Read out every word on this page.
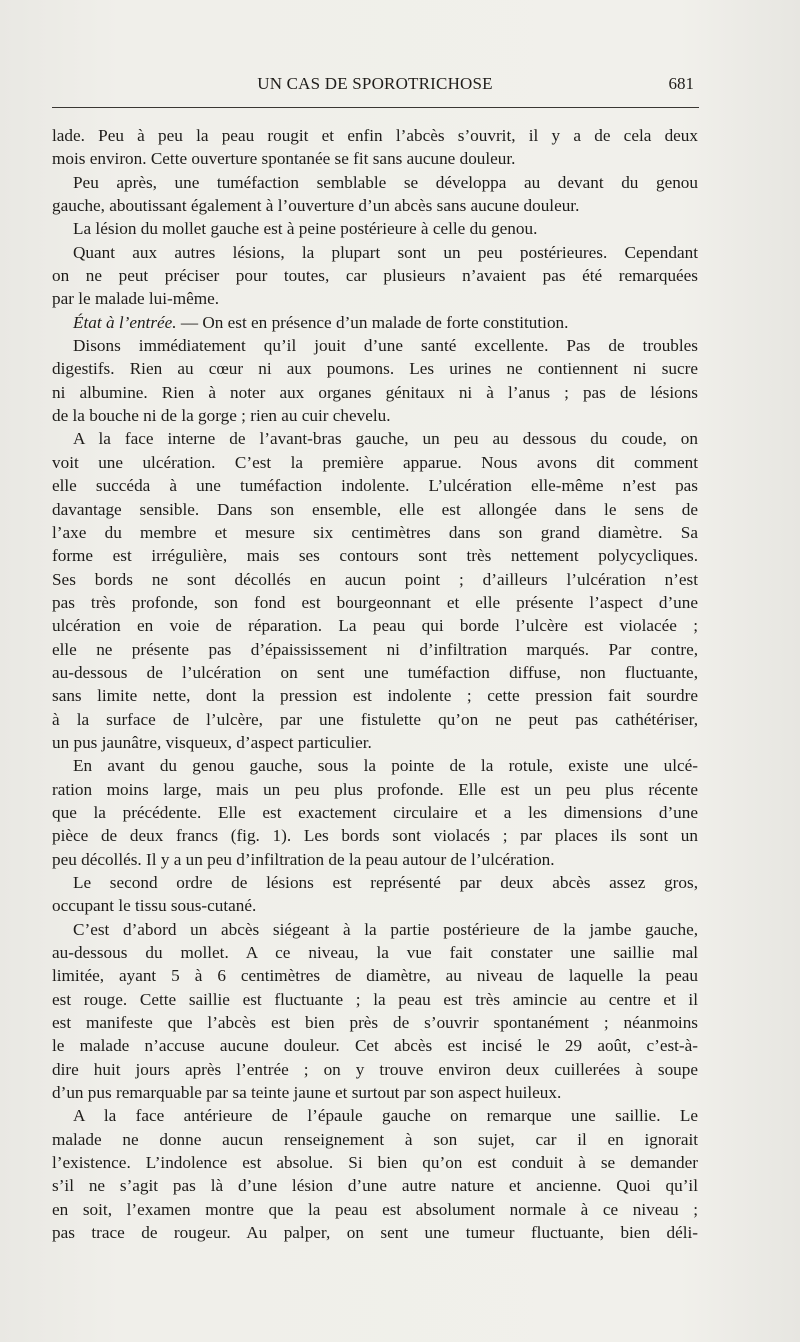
UN CAS DE SPOROTRICHOSE	681
lade. Peu à peu la peau rougit et enfin l’abcès s’ouvrit, il y a de cela deux
mois environ. Cette ouverture spontanée se fit sans aucune douleur.
Peu après, une tuméfaction semblable se développa au devant du genou
gauche, aboutissant également à l’ouverture d’un abcès sans aucune douleur.
La lésion du mollet gauche est à peine postérieure à celle du genou.
Quant aux autres lésions, la plupart sont un peu postérieures. Cependant
on ne peut préciser pour toutes, car plusieurs n’avaient pas été remarquées
par le malade lui-même.
État à l’entrée. — On est en présence d’un malade de forte constitution.
Disons immédiatement qu’il jouit d’une santé excellente. Pas de troubles
digestifs. Rien au cœur ni aux poumons. Les urines ne contiennent ni sucre
ni albumine. Rien à noter aux organes génitaux ni à l’anus ; pas de lésions
de la bouche ni de la gorge ; rien au cuir chevelu.
A la face interne de l’avant-bras gauche, un peu au dessous du coude, on
voit une ulcération. C’est la première apparue. Nous avons dit comment
elle succéda à une tuméfaction indolente. L’ulcération elle-même n’est pas
davantage sensible. Dans son ensemble, elle est allongée dans le sens de
l’axe du membre et mesure six centimètres dans son grand diamètre. Sa
forme est irrégulière, mais ses contours sont très nettement polycycliques.
Ses bords ne sont décollés en aucun point ; d’ailleurs l’ulcération n’est
pas très profonde, son fond est bourgeonnant et elle présente l’aspect d’une
ulcération en voie de réparation. La peau qui borde l’ulcère est violacée ;
elle ne présente pas d’épaississement ni d’infiltration marqués. Par contre,
au-dessous de l’ulcération on sent une tuméfaction diffuse, non fluctuante,
sans limite nette, dont la pression est indolente ; cette pression fait sourdre
à la surface de l’ulcère, par une fistulette qu’on ne peut pas cathétériser,
un pus jaunâtre, visqueux, d’aspect particulier.
En avant du genou gauche, sous la pointe de la rotule, existe une ulcé-
ration moins large, mais un peu plus profonde. Elle est un peu plus récente
que la précédente. Elle est exactement circulaire et a les dimensions d’une
pièce de deux francs (fig. 1). Les bords sont violacés ; par places ils sont un
peu décollés. Il y a un peu d’infiltration de la peau autour de l’ulcération.
Le second ordre de lésions est représenté par deux abcès assez gros,
occupant le tissu sous-cutané.
C’est d’abord un abcès siégeant à la partie postérieure de la jambe gauche,
au-dessous du mollet. A ce niveau, la vue fait constater une saillie mal
limitée, ayant 5 à 6 centimètres de diamètre, au niveau de laquelle la peau
est rouge. Cette saillie est fluctuante ; la peau est très amincie au centre et il
est manifeste que l’abcès est bien près de s’ouvrir spontanément ; néanmoins
le malade n’accuse aucune douleur. Cet abcès est incisé le 29 août, c’est-à-
dire huit jours après l’entrée ; on y trouve environ deux cuillerées à soupe
d’un pus remarquable par sa teinte jaune et surtout par son aspect huileux.
A la face antérieure de l’épaule gauche on remarque une saillie. Le
malade ne donne aucun renseignement à son sujet, car il en ignorait
l’existence. L’indolence est absolue. Si bien qu’on est conduit à se demander
s’il ne s’agit pas là d’une lésion d’une autre nature et ancienne. Quoi qu’il
en soit, l’examen montre que la peau est absolument normale à ce niveau ;
pas trace de rougeur. Au palper, on sent une tumeur fluctuante, bien déli-
